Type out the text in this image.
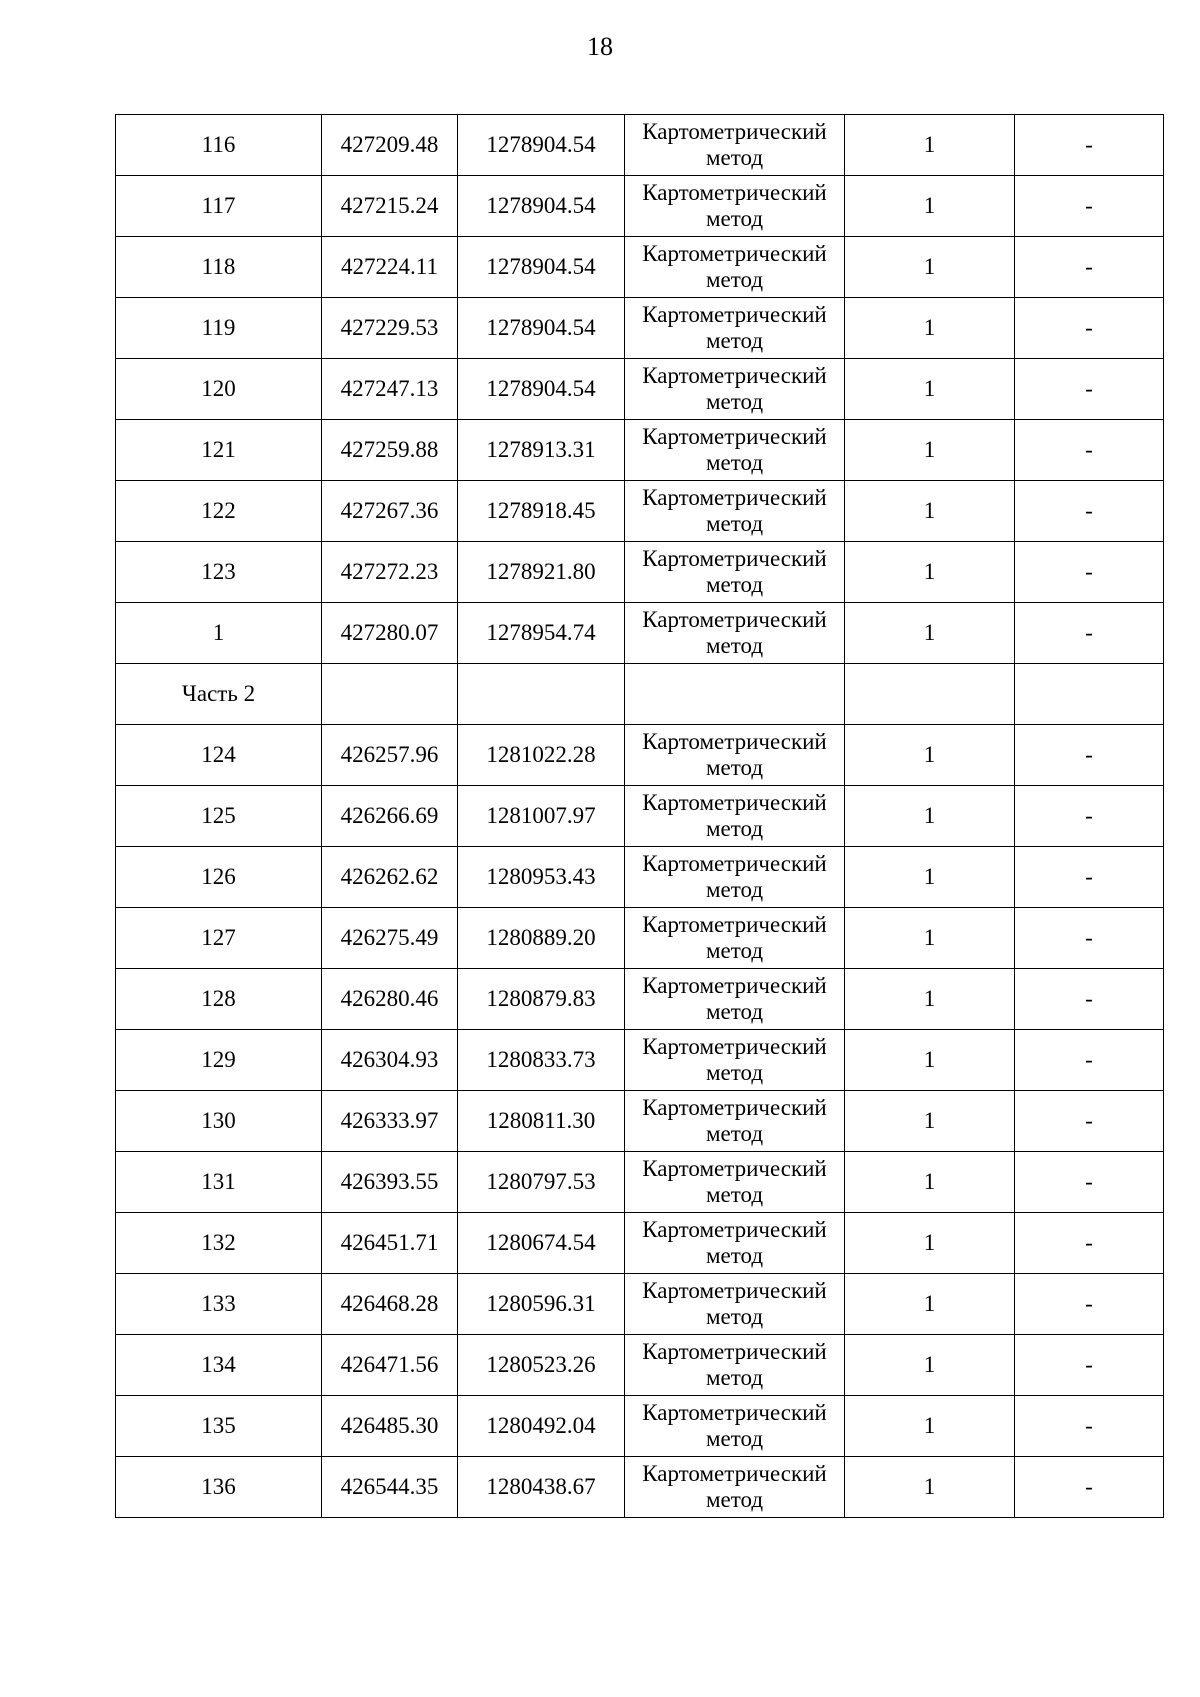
18
116	427209.48	1278904.54	Картометрический
метод	1	-
117	427215.24	1278904.54	Картометрический
метод	1	-
118	427224.11	1278904.54	Картометрический
метод	1	-
119	427229.53	1278904.54	Картометрический
метод	1	-
120	427247.13	1278904.54	Картометрический
метод	1	-
121	427259.88	1278913.31	Картометрический
метод	1	-
122	427267.36	1278918.45	Картометрический
метод	1	-
123	427272.23	1278921.80	Картометрический
метод	1	-
1	427280.07	1278954.74	Картометрический
метод	1	-
Часть 2			

124	426257.96	1281022.28	Картометрический
метод	1	-
125	426266.69	1281007.97	Картометрический
метод	1	-
126	426262.62	1280953.43	Картометрический
метод	1	-
127	426275.49	1280889.20	Картометрический
метод	1	-
128	426280.46	1280879.83	Картометрический
метод	1	-
129	426304.93	1280833.73	Картометрический
метод	1	-
130	426333.97	1280811.30	Картометрический
метод	1	-
131	426393.55	1280797.53	Картометрический
метод	1	-
132	426451.71	1280674.54	Картометрический
метод	1	-
133	426468.28	1280596.31	Картометрический
метод	1	-
134	426471.56	1280523.26	Картометрический
метод	1	-
135	426485.30	1280492.04	Картометрический
метод	1	-
136	426544.35	1280438.67	Картометрический
метод	1	-
